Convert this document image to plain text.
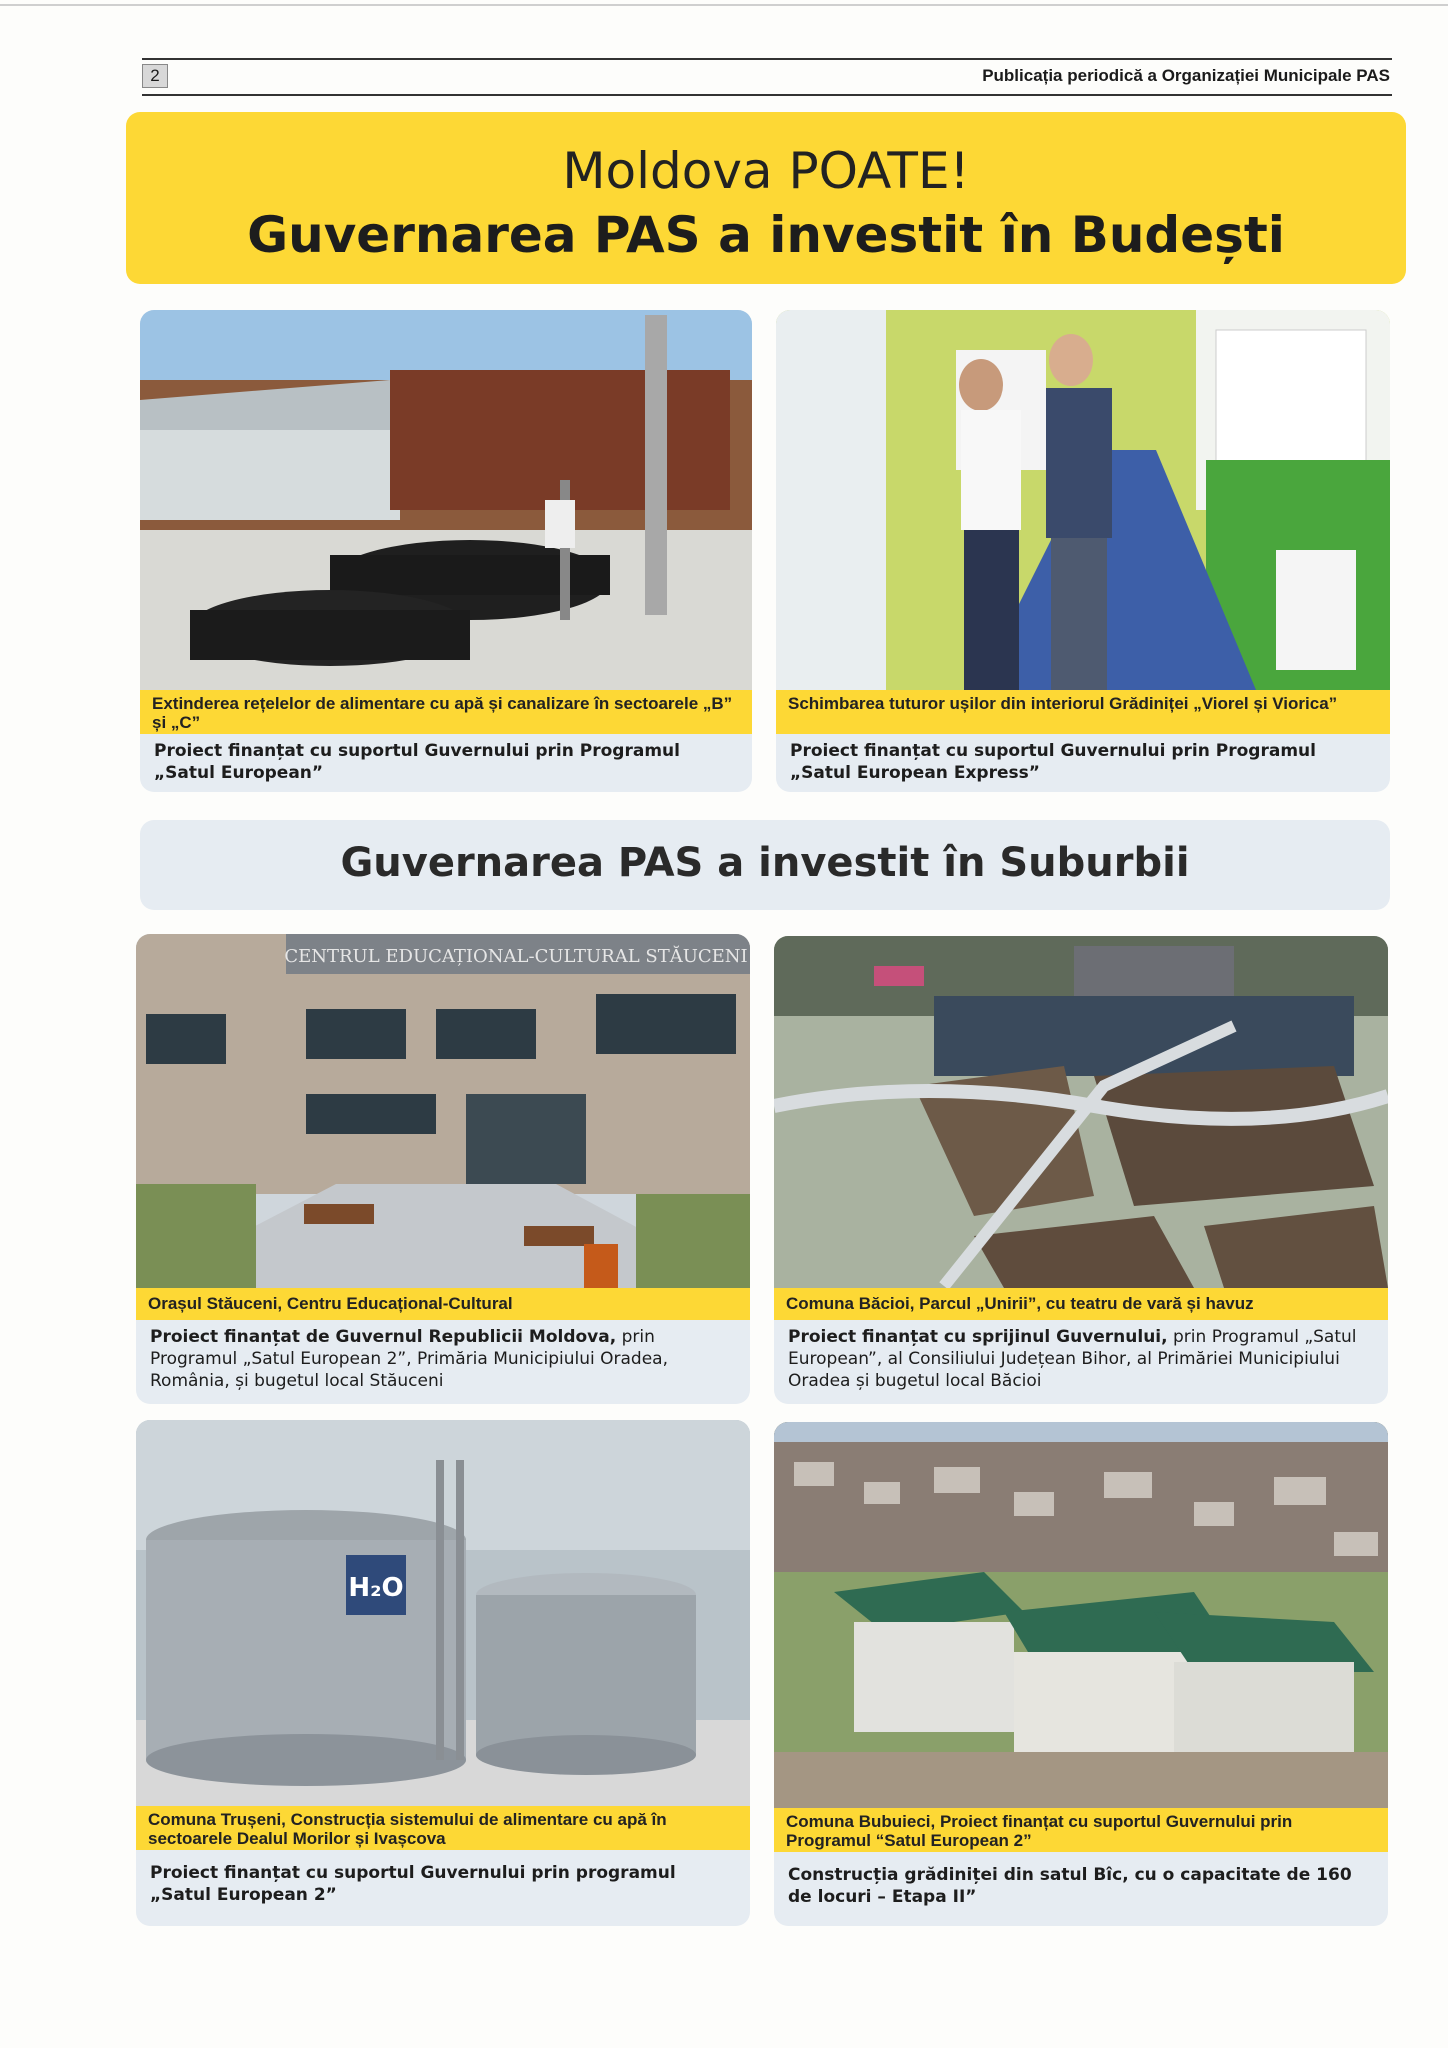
2	Publicația periodică a Organizației Municipale PAS
Moldova POATE!
Guvernarea PAS a investit în Budești
Extinderea rețelelor de alimentare cu apă și canalizare în sectoarele „B” și „C”
Proiect finanțat cu suportul Guvernului prin Programul „Satul European”
Schimbarea tuturor ușilor din interiorul Grădiniței „Viorel și Viorica”
Proiect finanțat cu suportul Guvernului prin Programul „Satul European Express”
Guvernarea PAS a investit în Suburbii
CENTRUL EDUCAȚIONAL-CULTURAL STĂUCENI
Orașul Stăuceni, Centru Educațional-Cultural
Proiect finanțat de Guvernul Republicii Moldova, prin Programul „Satul European 2”, Primăria Municipiului Oradea, România, și bugetul local Stăuceni
Comuna Băcioi, Parcul „Unirii”, cu teatru de vară și havuz
Proiect finanțat cu sprijinul Guvernului, prin Programul „Satul European”, al Consiliului Județean Bihor, al Primăriei Municipiului Oradea și bugetul local Băcioi
H₂O
Comuna Trușeni, Construcția sistemului de alimentare cu apă în sectoarele Dealul Morilor și Ivașcova
Proiect finanțat cu suportul Guvernului prin programul „Satul European 2”
Comuna Bubuieci, Proiect finanțat cu suportul Guvernului prin Programul “Satul European 2”
Construcția grădiniței din satul Bîc, cu o capacitate de 160 de locuri – Etapa II”
